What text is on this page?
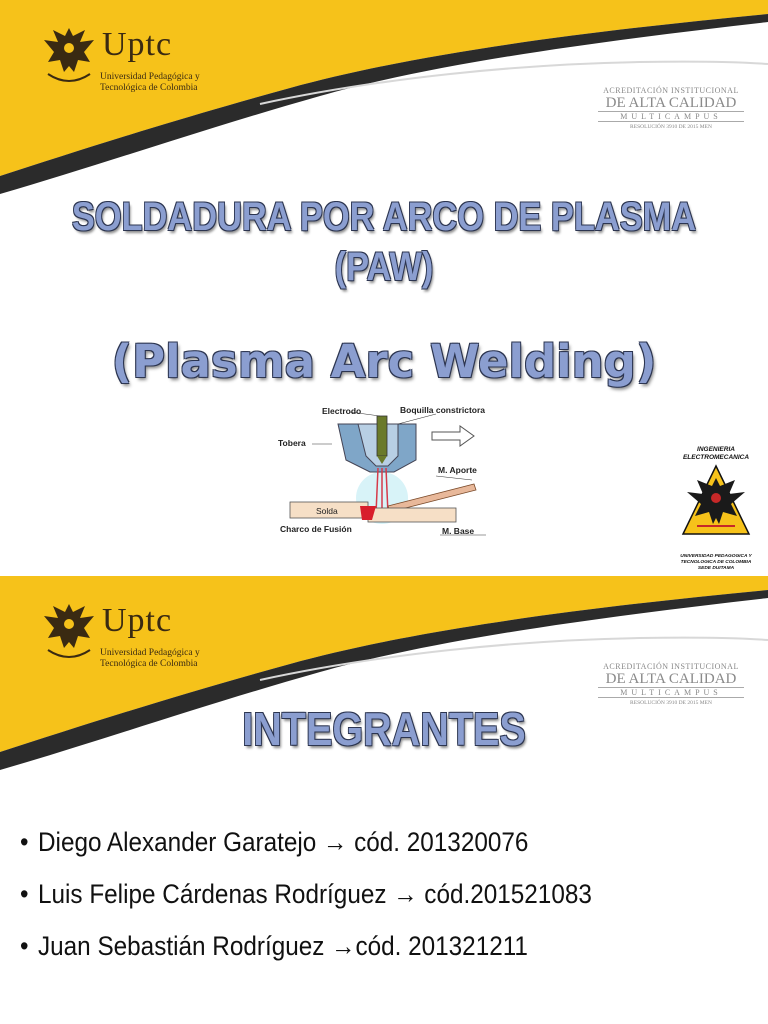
Uptc
Universidad Pedagógica y
Tecnológica de Colombia	ACREDITACIÓN INSTITUCIONAL
DE ALTA CALIDAD
MULTICAMPUS
RESOLUCIÓN 3910 DE 2015 MEN
SOLDADURA POR ARCO DE PLASMA
(PAW)
(Plasma Arc Welding)
Electrodo	Boquilla constrictora
Tobera
M. Aporte
Solda
Charco de Fusión	M. Base
INGENIERIA
ELECTROMECANICA
UNIVERSIDAD PEDAGOGICA Y
TECNOLOGICA DE COLOMBIA
SEDE DUITAMA
Uptc
Universidad Pedagógica y
Tecnológica de Colombia	ACREDITACIÓN INSTITUCIONAL
DE ALTA CALIDAD
MULTICAMPUS
RESOLUCIÓN 3910 DE 2015 MEN
INTEGRANTES
• Diego Alexander Garatejo → cód. 201320076
• Luis Felipe Cárdenas Rodríguez → cód.201521083
• Juan Sebastián Rodríguez →cód. 201321211
